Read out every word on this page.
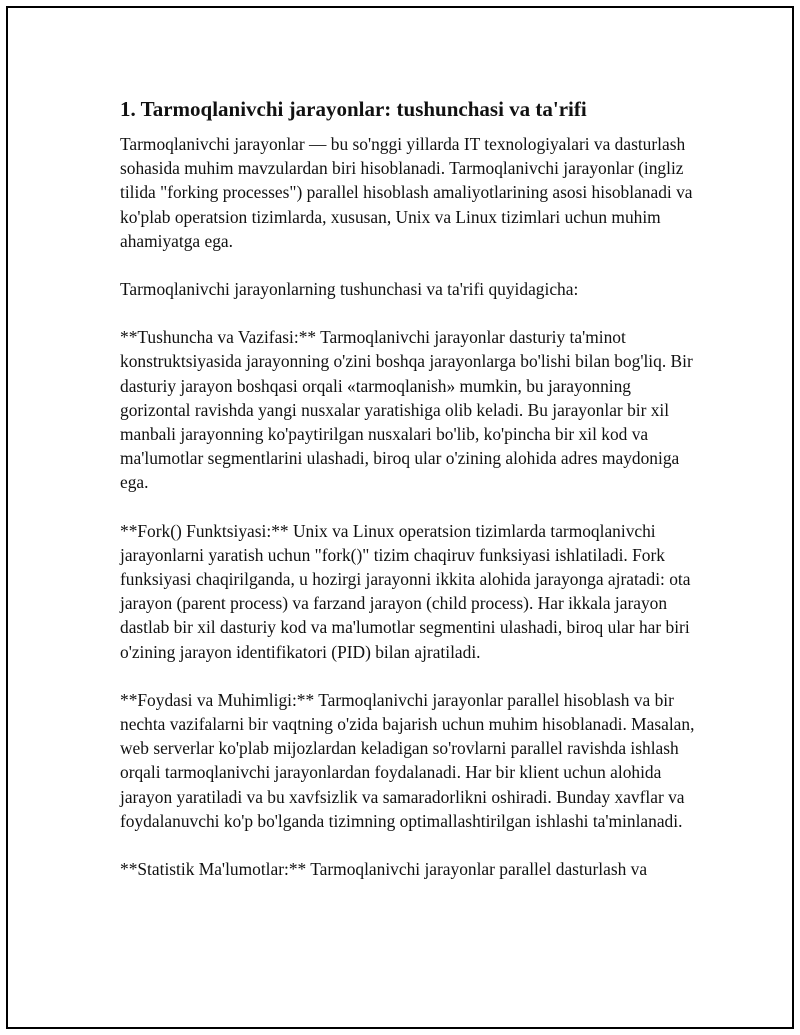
1. Tarmoqlanivchi jarayonlar: tushunchasi va ta'rifi

Tarmoqlanivchi jarayonlar — bu so'nggi yillarda IT texnologiyalari va dasturlash sohasida muhim mavzulardan biri hisoblanadi. Tarmoqlanivchi jarayonlar (ingliz tilida "forking processes") parallel hisoblash amaliyotlarining asosi hisoblanadi va ko'plab operatsion tizimlarda, xususan, Unix va Linux tizimlari uchun muhim ahamiyatga ega.

Tarmoqlanivchi jarayonlarning tushunchasi va ta'rifi quyidagicha:

**Tushuncha va Vazifasi:** Tarmoqlanivchi jarayonlar dasturiy ta'minot konstruktsiyasida jarayonning o'zini boshqa jarayonlarga bo'lishi bilan bog'liq. Bir dasturiy jarayon boshqasi orqali «tarmoqlanish» mumkin, bu jarayonning gorizontal ravishda yangi nusxalar yaratishiga olib keladi. Bu jarayonlar bir xil manbali jarayonning ko'paytirilgan nusxalari bo'lib, ko'pincha bir xil kod va ma'lumotlar segmentlarini ulashadi, biroq ular o'zining alohida adres maydoniga ega.

**Fork() Funktsiyasi:** Unix va Linux operatsion tizimlarda tarmoqlanivchi jarayonlarni yaratish uchun "fork()" tizim chaqiruv funksiyasi ishlatiladi. Fork funksiyasi chaqirilganda, u hozirgi jarayonni ikkita alohida jarayonga ajratadi: ota jarayon (parent process) va farzand jarayon (child process). Har ikkala jarayon dastlab bir xil dasturiy kod va ma'lumotlar segmentini ulashadi, biroq ular har biri o'zining jarayon identifikatori (PID) bilan ajratiladi.

**Foydasi va Muhimligi:** Tarmoqlanivchi jarayonlar parallel hisoblash va bir nechta vazifalarni bir vaqtning o'zida bajarish uchun muhim hisoblanadi. Masalan, web serverlar ko'plab mijozlardan keladigan so'rovlarni parallel ravishda ishlash orqali tarmoqlanivchi jarayonlardan foydalanadi. Har bir klient uchun alohida jarayon yaratiladi va bu xavfsizlik va samaradorlikni oshiradi. Bunday xavflar va foydalanuvchi ko'p bo'lganda tizimning optimallashtirilgan ishlashi ta'minlanadi.

**Statistik Ma'lumotlar:** Tarmoqlanivchi jarayonlar parallel dasturlash va
